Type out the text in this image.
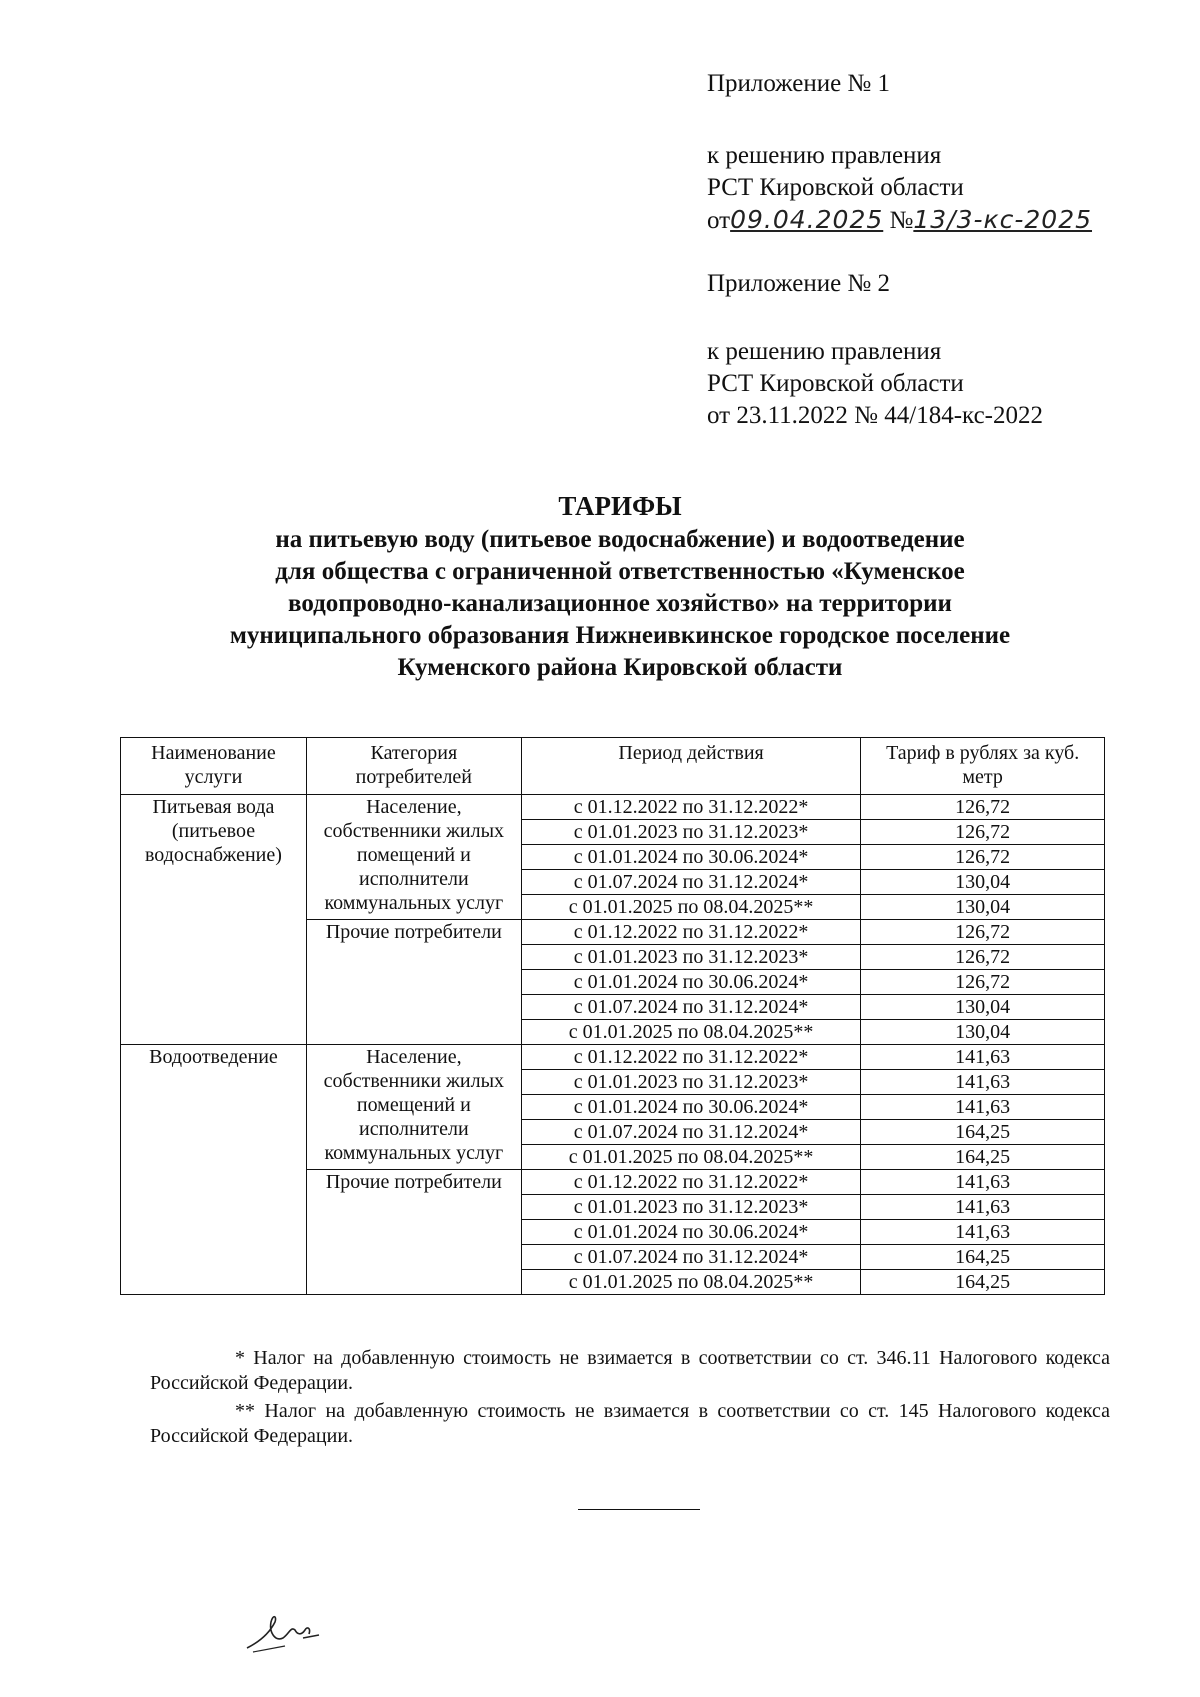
Приложение № 1

к решению правления

РСТ Кировской области

от09.04.2025 №13/3-кс-2025

Приложение № 2

к решению правления

РСТ Кировской области

от 23.11.2022 № 44/184-кс-2022

ТАРИФЫ

на питьевую воду (питьевое водоснабжение) и водоотведение

для общества с ограниченной ответственностью «Куменское

водопроводно-канализационное хозяйство» на территории

муниципального образования Нижнеивкинское городское поселение

Куменского района Кировской области

Наименование услуги	Категория потребителей	Период действия	Тариф в рублях за куб. метр
Питьевая вода (питьевое водоснабжение)	Население, собственники жилых помещений и исполнители коммунальных услуг	с 01.12.2022 по 31.12.2022*	126,72
		с 01.01.2023 по 31.12.2023*	126,72
		с 01.01.2024 по 30.06.2024*	126,72
		с 01.07.2024 по 31.12.2024*	130,04
		с 01.01.2025 по 08.04.2025**	130,04
	Прочие потребители	с 01.12.2022 по 31.12.2022*	126,72
		с 01.01.2023 по 31.12.2023*	126,72
		с 01.01.2024 по 30.06.2024*	126,72
		с 01.07.2024 по 31.12.2024*	130,04
		с 01.01.2025 по 08.04.2025**	130,04
Водоотведение	Население, собственники жилых помещений и исполнители коммунальных услуг	с 01.12.2022 по 31.12.2022*	141,63
		с 01.01.2023 по 31.12.2023*	141,63
		с 01.01.2024 по 30.06.2024*	141,63
		с 01.07.2024 по 31.12.2024*	164,25
		с 01.01.2025 по 08.04.2025**	164,25
	Прочие потребители	с 01.12.2022 по 31.12.2022*	141,63
		с 01.01.2023 по 31.12.2023*	141,63
		с 01.01.2024 по 30.06.2024*	141,63
		с 01.07.2024 по 31.12.2024*	164,25
		с 01.01.2025 по 08.04.2025**	164,25

* Налог на добавленную стоимость не взимается в соответствии со ст. 346.11 Налогового кодекса Российской Федерации.

** Налог на добавленную стоимость не взимается в соответствии со ст. 145 Налогового кодекса Российской Федерации.
